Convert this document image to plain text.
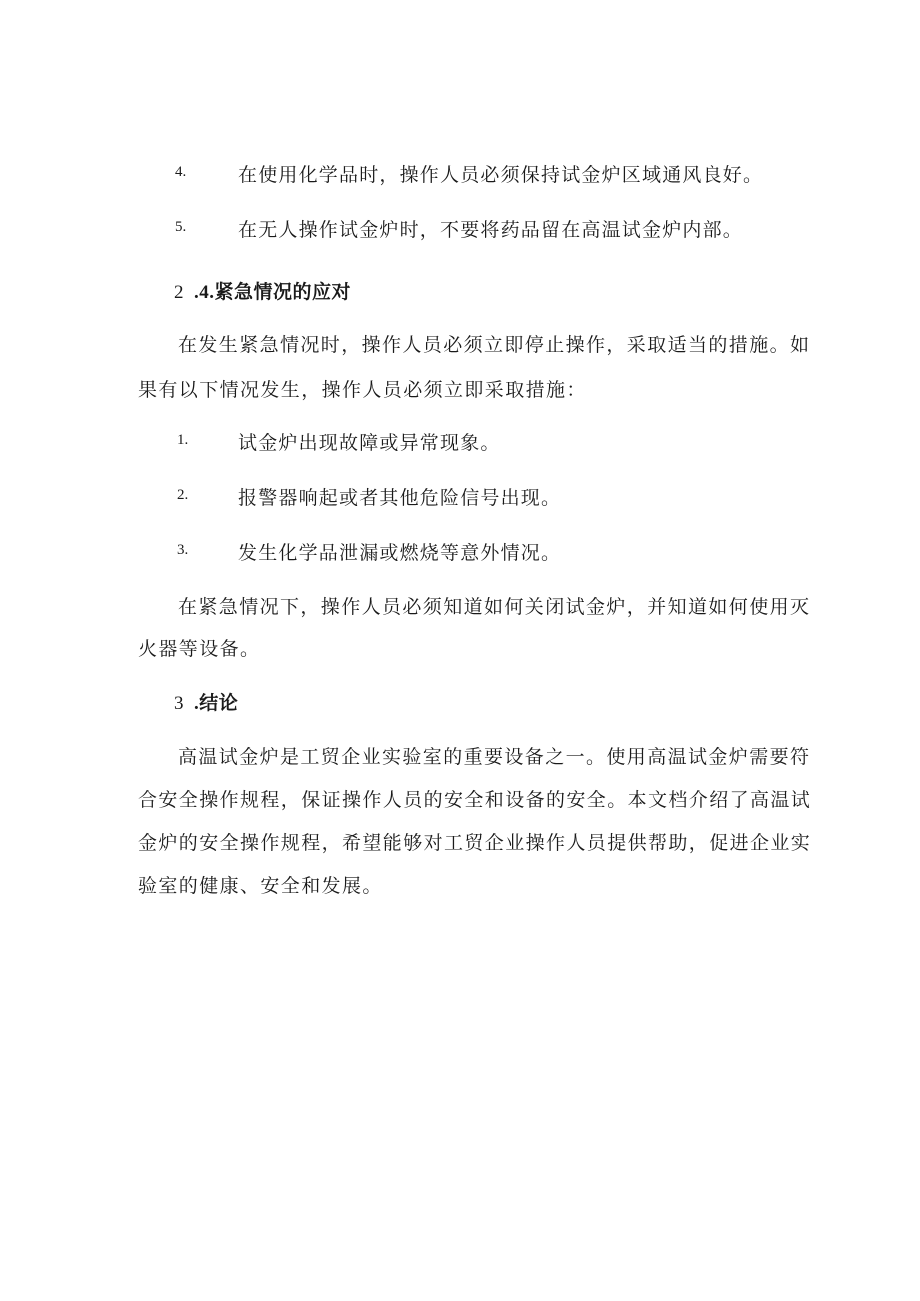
4.	在使用化学品时，操作人员必须保持试金炉区域通风良好。
5.	在无人操作试金炉时，不要将药品留在高温试金炉内部。
2 .4.紧急情况的应对
在发生紧急情况时，操作人员必须立即停止操作，采取适当的措施。如
果有以下情况发生，操作人员必须立即采取措施：
1.	试金炉出现故障或异常现象。
2.	报警器响起或者其他危险信号出现。
3.	发生化学品泄漏或燃烧等意外情况。
在紧急情况下，操作人员必须知道如何关闭试金炉，并知道如何使用灭
火器等设备。
3 .结论
高温试金炉是工贸企业实验室的重要设备之一。使用高温试金炉需要符
合安全操作规程，保证操作人员的安全和设备的安全。本文档介绍了高温试
金炉的安全操作规程，希望能够对工贸企业操作人员提供帮助，促进企业实
验室的健康、安全和发展。
